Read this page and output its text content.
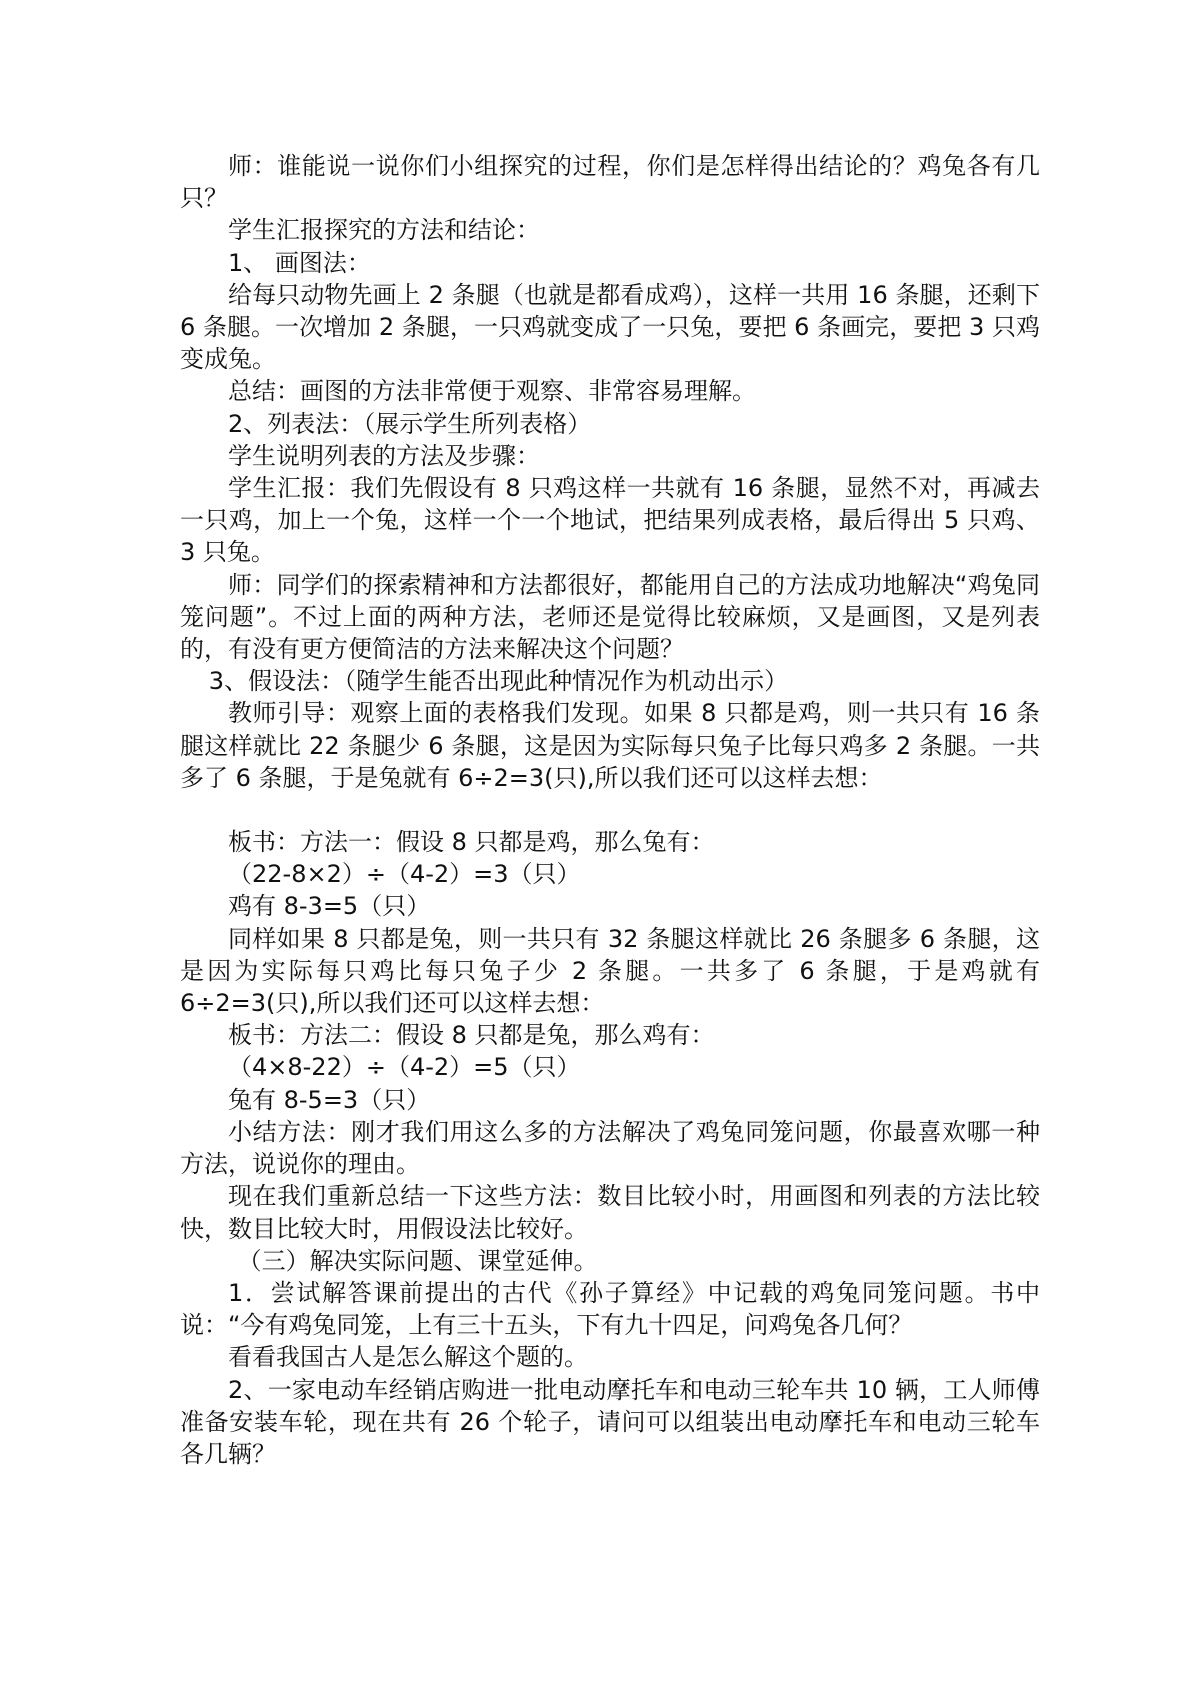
师：谁能说一说你们小组探究的过程，你们是怎样得出结论的？鸡兔各有几只？

学生汇报探究的方法和结论：

1、 画图法：

给每只动物先画上 2 条腿（也就是都看成鸡），这样一共用 16 条腿，还剩下 6 条腿。一次增加 2 条腿，一只鸡就变成了一只兔，要把 6 条画完，要把 3 只鸡变成兔。

总结：画图的方法非常便于观察、非常容易理解。

2、列表法：（展示学生所列表格）

学生说明列表的方法及步骤：

学生汇报：我们先假设有 8 只鸡这样一共就有 16 条腿，显然不对，再减去一只鸡，加上一个兔，这样一个一个地试，把结果列成表格，最后得出 5 只鸡、3 只兔。

师：同学们的探索精神和方法都很好，都能用自己的方法成功地解决“鸡兔同笼问题”。不过上面的两种方法，老师还是觉得比较麻烦，又是画图，又是列表的，有没有更方便简洁的方法来解决这个问题？

3、假设法：（随学生能否出现此种情况作为机动出示）

教师引导：观察上面的表格我们发现。如果 8 只都是鸡，则一共只有 16 条腿这样就比 22 条腿少 6 条腿，这是因为实际每只兔子比每只鸡多 2 条腿。一共多了 6 条腿，于是兔就有 6÷2=3(只),所以我们还可以这样去想：

板书：方法一：假设 8 只都是鸡，那么兔有：

（22-8×2）÷（4-2）=3（只）

鸡有 8-3=5（只）

同样如果 8 只都是兔，则一共只有 32 条腿这样就比 26 条腿多 6 条腿，这是因为实际每只鸡比每只兔子少 2 条腿。一共多了 6 条腿，于是鸡就有 6÷2=3(只),所以我们还可以这样去想：

板书：方法二：假设 8 只都是兔，那么鸡有：

（4×8-22）÷（4-2）=5（只）

兔有 8-5=3（只）

小结方法：刚才我们用这么多的方法解决了鸡兔同笼问题，你最喜欢哪一种方法，说说你的理由。

现在我们重新总结一下这些方法：数目比较小时，用画图和列表的方法比较快，数目比较大时，用假设法比较好。

（三）解决实际问题、课堂延伸。

1．尝试解答课前提出的古代《孙子算经》中记载的鸡兔同笼问题。书中说：“今有鸡兔同笼，上有三十五头，下有九十四足，问鸡兔各几何？

看看我国古人是怎么解这个题的。

2、一家电动车经销店购进一批电动摩托车和电动三轮车共 10 辆，工人师傅准备安装车轮，现在共有 26 个轮子，请问可以组装出电动摩托车和电动三轮车各几辆？
